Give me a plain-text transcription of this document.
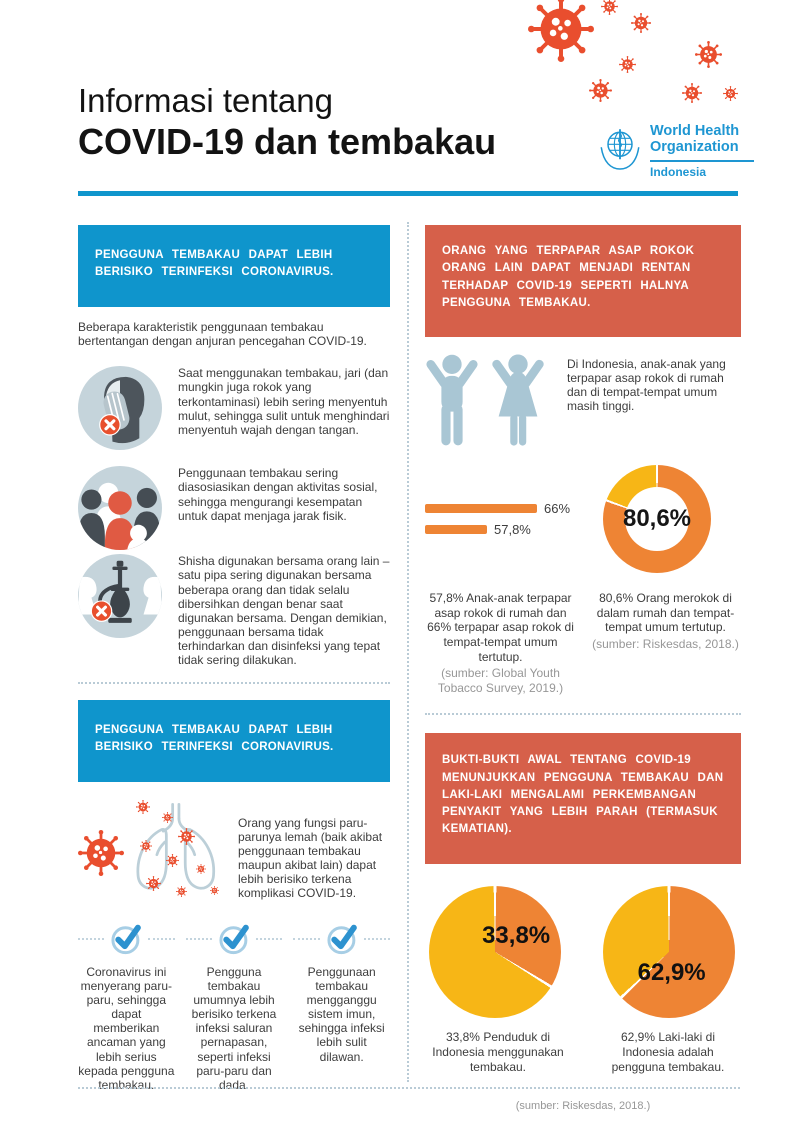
Informasi tentang
COVID-19 dan tembakau	World Health
Organization
Indonesia
PENGGUNA TEMBAKAU DAPAT LEBIH BERISIKO TERINFEKSI CORONAVIRUS.

Beberapa karakteristik penggunaan tembakau bertentangan dengan anjuran pencegahan COVID-19.

Saat menggunakan tembakau, jari (dan mungkin juga rokok yang terkontaminasi) lebih sering menyentuh mulut, sehingga sulit untuk menghindari menyentuh wajah dengan tangan.

Penggunaan tembakau sering diasosiasikan dengan aktivitas sosial, sehingga mengurangi kesempatan untuk dapat menjaga jarak fisik.

Shisha digunakan bersama orang lain – satu pipa sering digunakan bersama beberapa orang dan tidak selalu dibersihkan dengan benar saat digunakan bersama. Dengan demikian, penggunaan bersama tidak terhindarkan dan disinfeksi yang tepat tidak sering dilakukan.

PENGGUNA TEMBAKAU DAPAT LEBIH BERISIKO TERINFEKSI CORONAVIRUS.

Orang yang fungsi paru-parunya lemah (baik akibat penggunaan tembakau maupun akibat lain) dapat lebih berisiko terkena komplikasi COVID-19.

Coronavirus ini menyerang paru-paru, sehingga dapat memberikan ancaman yang lebih serius kepada pengguna tembakau.

Pengguna tembakau umumnya lebih berisiko terkena infeksi saluran pernapasan, seperti infeksi paru-paru dan dada.

Penggunaan tembakau mengganggu sistem imun, sehingga infeksi lebih sulit dilawan.

ORANG YANG TERPAPAR ASAP ROKOK ORANG LAIN DAPAT MENJADI RENTAN TERHADAP COVID-19 SEPERTI HALNYA PENGGUNA TEMBAKAU.

Di Indonesia, anak-anak yang terpapar asap rokok di rumah dan di tempat-tempat umum masih tinggi.

66%
57,8%	80,6%

57,8% Anak-anak terpapar asap rokok di rumah dan 66% terpapar asap rokok di tempat-tempat umum tertutup.

(sumber: Global Youth Tobacco Survey, 2019.)

80,6% Orang merokok di dalam rumah dan tempat-tempat umum tertutup.

(sumber: Riskesdas, 2018.)

BUKTI-BUKTI AWAL TENTANG COVID-19 MENUNJUKKAN PENGGUNA TEMBAKAU DAN LAKI-LAKI MENGALAMI PERKEMBANGAN PENYAKIT YANG LEBIH PARAH (TERMASUK KEMATIAN).
33,8%
62,9%

33,8% Penduduk di Indonesia menggunakan tembakau.

62,9% Laki-laki di Indonesia adalah pengguna tembakau.

(sumber: Riskesdas, 2018.)
